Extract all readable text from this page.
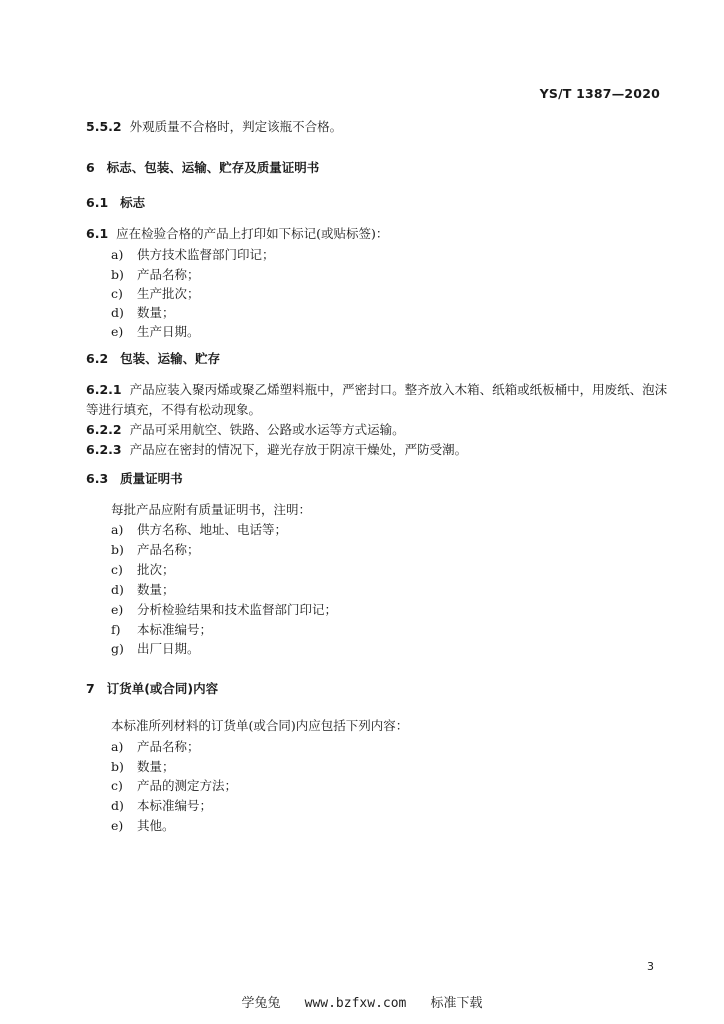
YS/T 1387—2020
5.5.2 外观质量不合格时，判定该瓶不合格。
6 标志、包装、运输、贮存及质量证明书
6.1 标志
6.1 应在检验合格的产品上打印如下标记(或贴标签)：
a) 供方技术监督部门印记；
b) 产品名称；
c) 生产批次；
d) 数量；
e) 生产日期。
6.2 包装、运输、贮存
6.2.1 产品应装入聚丙烯或聚乙烯塑料瓶中，严密封口。整齐放入木箱、纸箱或纸板桶中，用废纸、泡沫
等进行填充，不得有松动现象。
6.2.2 产品可采用航空、铁路、公路或水运等方式运输。
6.2.3 产品应在密封的情况下，避光存放于阴凉干燥处，严防受潮。
6.3 质量证明书
每批产品应附有质量证明书，注明：
a) 供方名称、地址、电话等；
b) 产品名称；
c) 批次；
d) 数量；
e) 分析检验结果和技术监督部门印记；
f) 本标准编号；
g) 出厂日期。
7 订货单(或合同)内容
本标准所列材料的订货单(或合同)内应包括下列内容：
a) 产品名称；
b) 数量；
c) 产品的测定方法；
d) 本标准编号；
e) 其他。
3
学兔兔 www.bzfxw.com 标准下载
